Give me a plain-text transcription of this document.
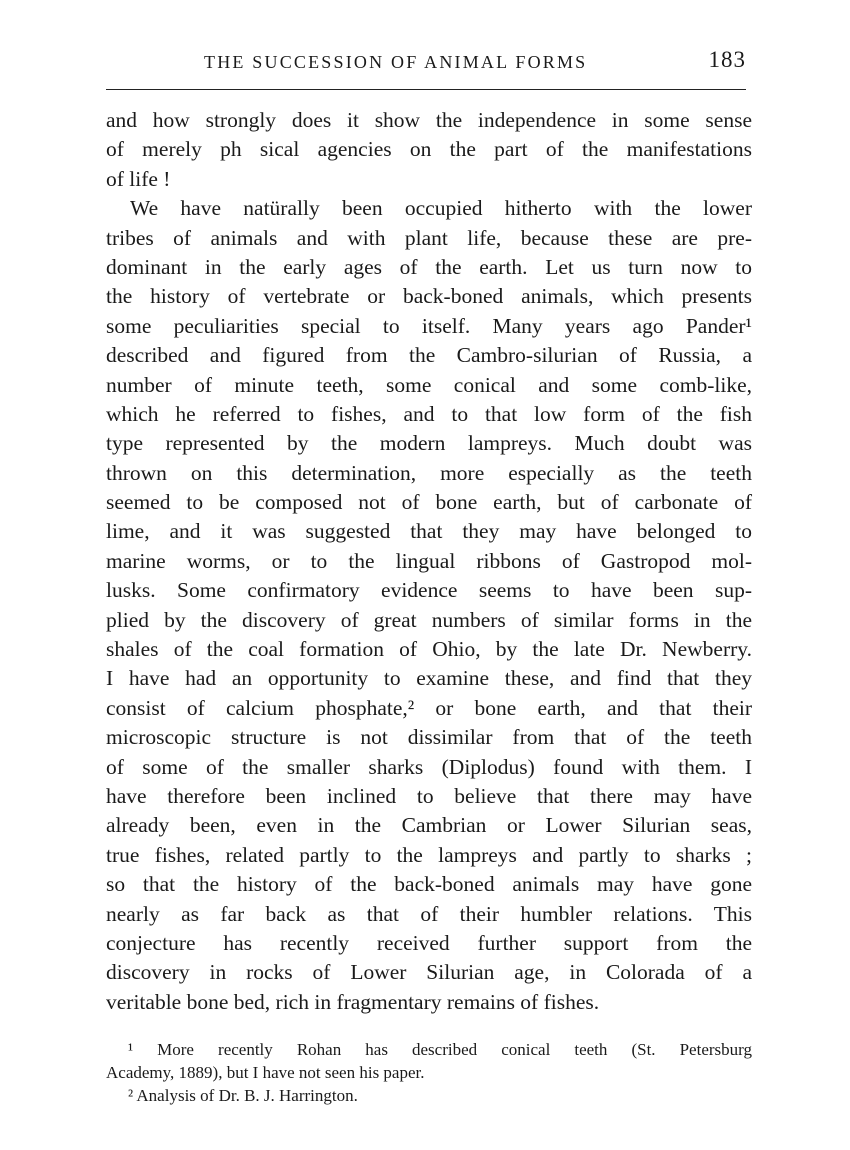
THE SUCCESSION OF ANIMAL FORMS	183
and how strongly does it show the independence in some sense
of merely ph sical agencies on the part of the manifestations
of life !
We have natürally been occupied hitherto with the lower
tribes of animals and with plant life, because these are pre-
dominant in the early ages of the earth. Let us turn now to
the history of vertebrate or back-boned animals, which presents
some peculiarities special to itself. Many years ago Pander¹
described and figured from the Cambro-silurian of Russia, a
number of minute teeth, some conical and some comb-like,
which he referred to fishes, and to that low form of the fish
type represented by the modern lampreys. Much doubt was
thrown on this determination, more especially as the teeth
seemed to be composed not of bone earth, but of carbonate of
lime, and it was suggested that they may have belonged to
marine worms, or to the lingual ribbons of Gastropod mol-
lusks. Some confirmatory evidence seems to have been sup-
plied by the discovery of great numbers of similar forms in the
shales of the coal formation of Ohio, by the late Dr. Newberry.
I have had an opportunity to examine these, and find that they
consist of calcium phosphate,² or bone earth, and that their
microscopic structure is not dissimilar from that of the teeth
of some of the smaller sharks (Diplodus) found with them. I
have therefore been inclined to believe that there may have
already been, even in the Cambrian or Lower Silurian seas,
true fishes, related partly to the lampreys and partly to sharks ;
so that the history of the back-boned animals may have gone
nearly as far back as that of their humbler relations. This
conjecture has recently received further support from the
discovery in rocks of Lower Silurian age, in Colorada of a
veritable bone bed, rich in fragmentary remains of fishes.
¹ More recently Rohan has described conical teeth (St. Petersburg
Academy, 1889), but I have not seen his paper.
² Analysis of Dr. B. J. Harrington.
